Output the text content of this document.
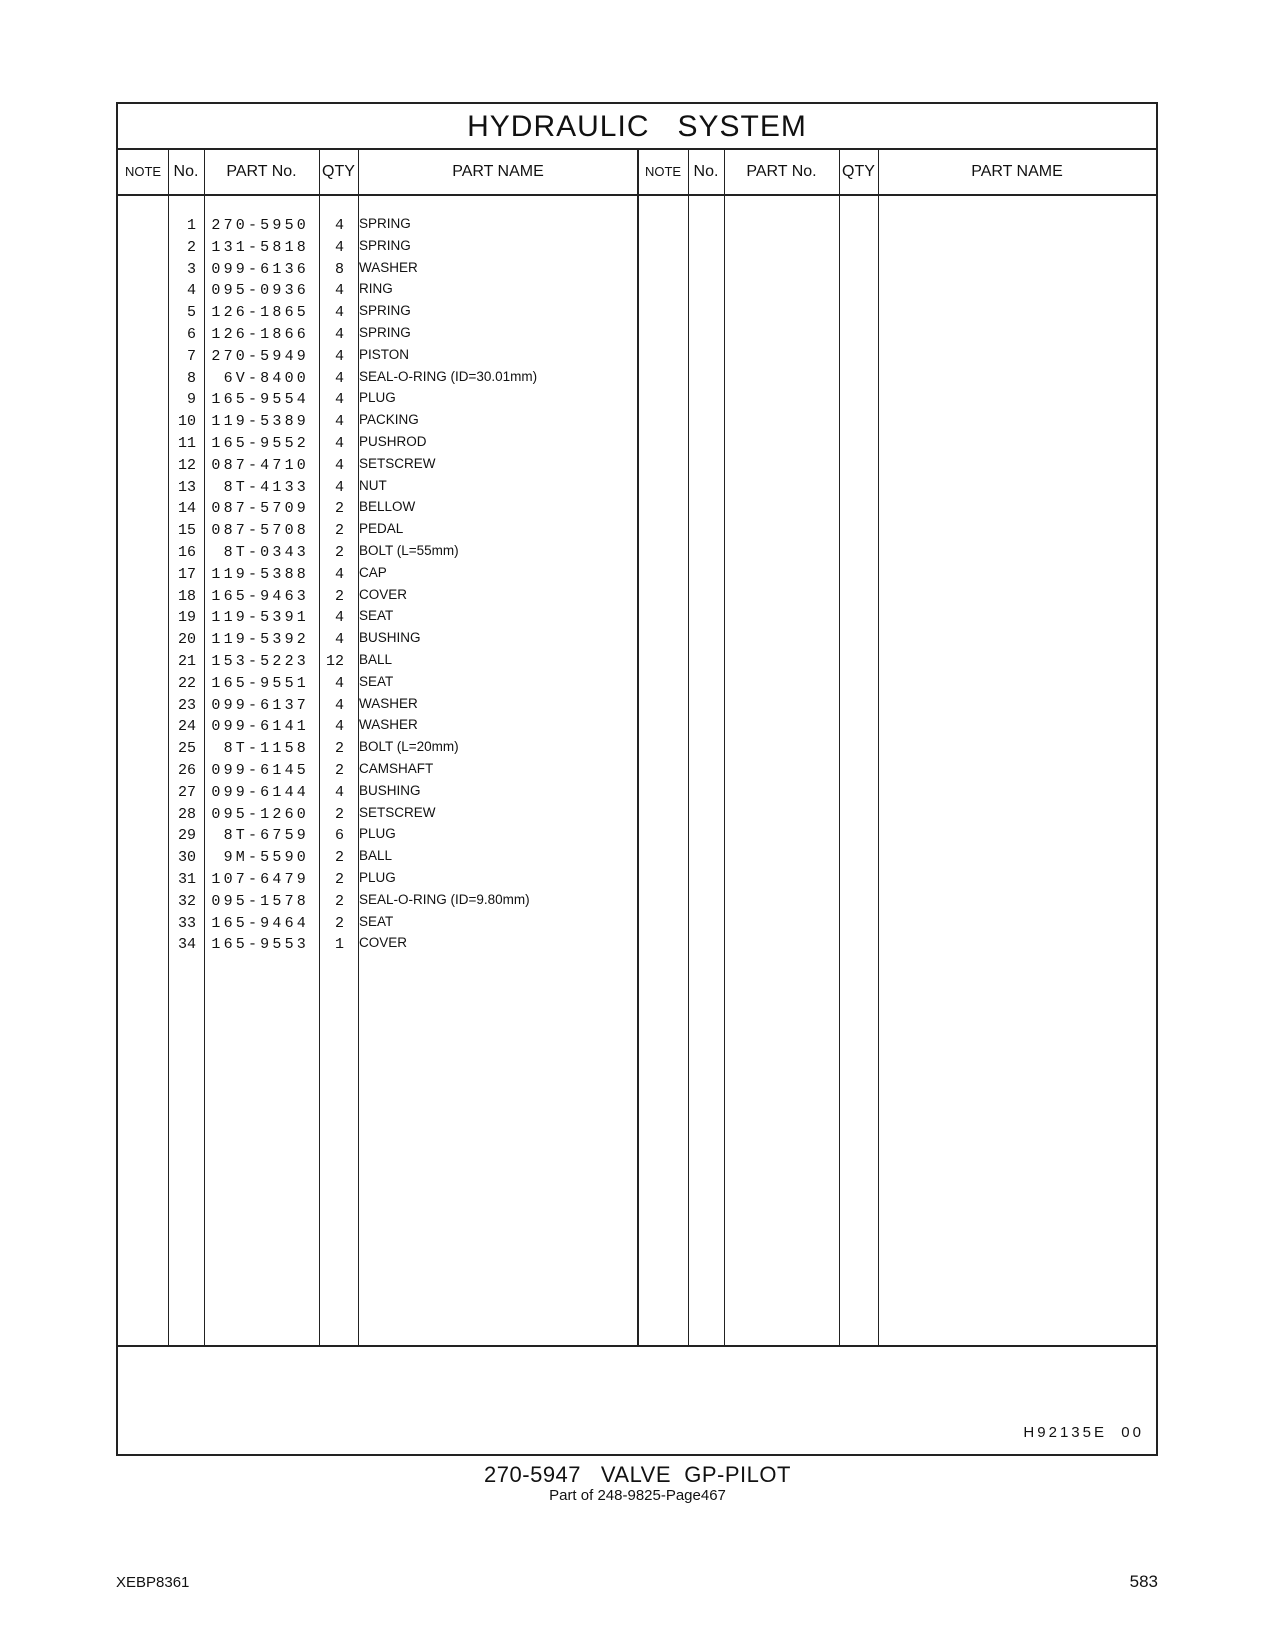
HYDRAULIC   SYSTEM
NOTE No.	PART No.	QTY	PART NAME	NOTE No.	PART No.	QTY	PART NAME
1	270-5950	4 SPRING
2	131-5818	4 SPRING
3	099-6136	8 WASHER
4	095-0936	4 RING
5	126-1865	4 SPRING
6	126-1866	4 SPRING
7	270-5949	4 PISTON
8	6V-8400	4 SEAL-O-RING (ID=30.01mm)
9	165-9554	4 PLUG
10	119-5389	4 PACKING
11	165-9552	4 PUSHROD
12	087-4710	4 SETSCREW
13	8T-4133	4 NUT
14	087-5709	2 BELLOW
15	087-5708	2 PEDAL
16	8T-0343	2 BOLT (L=55mm)
17	119-5388	4 CAP
18	165-9463	2 COVER
19	119-5391	4 SEAT
20	119-5392	4 BUSHING
21	153-5223	12 BALL
22	165-9551	4 SEAT
23	099-6137	4 WASHER
24	099-6141	4 WASHER
25	8T-1158	2 BOLT (L=20mm)
26	099-6145	2 CAMSHAFT
27	099-6144	4 BUSHING
28	095-1260	2 SETSCREW
29	8T-6759	6 PLUG
30	9M-5590	2 BALL
31	107-6479	2 PLUG
32	095-1578	2 SEAL-O-RING (ID=9.80mm)
33	165-9464	2 SEAT
34	165-9553	1 COVER
H92135E  00
270-5947   VALVE  GP-PILOT
Part of 248-9825-Page467
XEBP8361	583
